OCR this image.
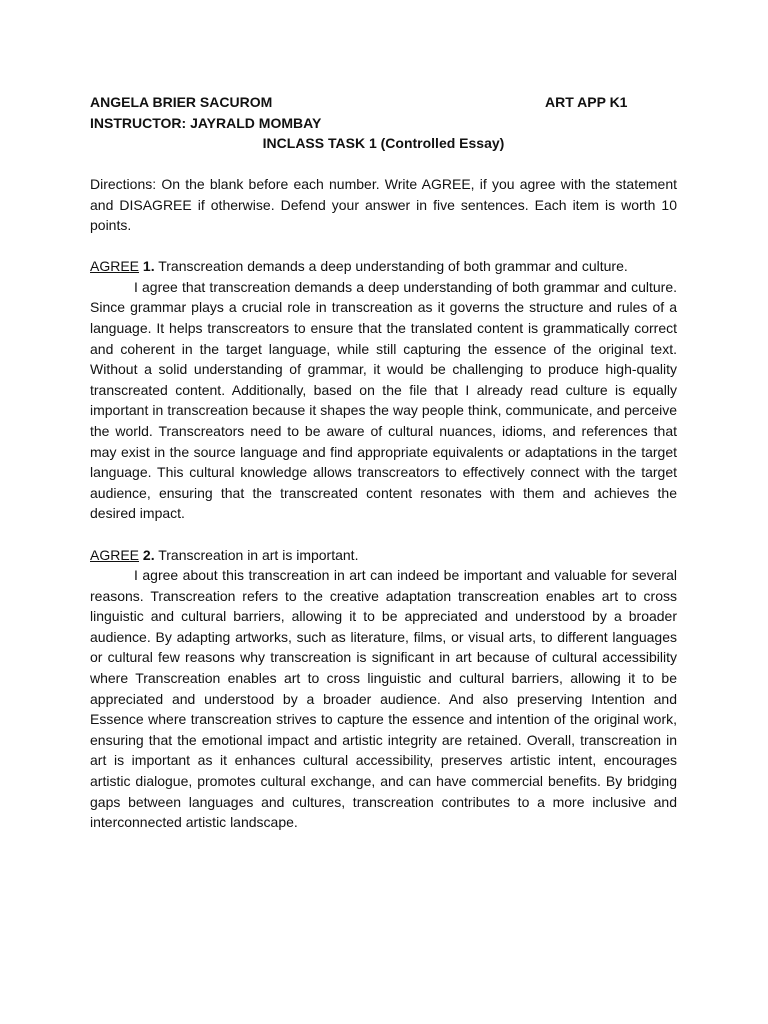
ANGELA BRIER SACUROM	ART APP K1
INSTRUCTOR: JAYRALD MOMBAY
INCLASS TASK 1 (Controlled Essay)

Directions: On the blank before each number. Write AGREE, if you agree with the statement and DISAGREE if otherwise. Defend your answer in five sentences. Each item is worth 10 points.

AGREE 1. Transcreation demands a deep understanding of both grammar and culture.

I agree that transcreation demands a deep understanding of both grammar and culture. Since grammar plays a crucial role in transcreation as it governs the structure and rules of a language. It helps transcreators to ensure that the translated content is grammatically correct and coherent in the target language, while still capturing the essence of the original text. Without a solid understanding of grammar, it would be challenging to produce high-quality transcreated content. Additionally, based on the file that I already read culture is equally important in transcreation because it shapes the way people think, communicate, and perceive the world. Transcreators need to be aware of cultural nuances, idioms, and references that may exist in the source language and find appropriate equivalents or adaptations in the target language. This cultural knowledge allows transcreators to effectively connect with the target audience, ensuring that the transcreated content resonates with them and achieves the desired impact.

AGREE 2. Transcreation in art is important.

I agree about this transcreation in art can indeed be important and valuable for several reasons. Transcreation refers to the creative adaptation transcreation enables art to cross linguistic and cultural barriers, allowing it to be appreciated and understood by a broader audience. By adapting artworks, such as literature, films, or visual arts, to different languages or cultural few reasons why transcreation is significant in art because of cultural accessibility where Transcreation enables art to cross linguistic and cultural barriers, allowing it to be appreciated and understood by a broader audience. And also preserving Intention and Essence where transcreation strives to capture the essence and intention of the original work, ensuring that the emotional impact and artistic integrity are retained. Overall, transcreation in art is important as it enhances cultural accessibility, preserves artistic intent, encourages artistic dialogue, promotes cultural exchange, and can have commercial benefits. By bridging gaps between languages and cultures, transcreation contributes to a more inclusive and interconnected artistic landscape.
